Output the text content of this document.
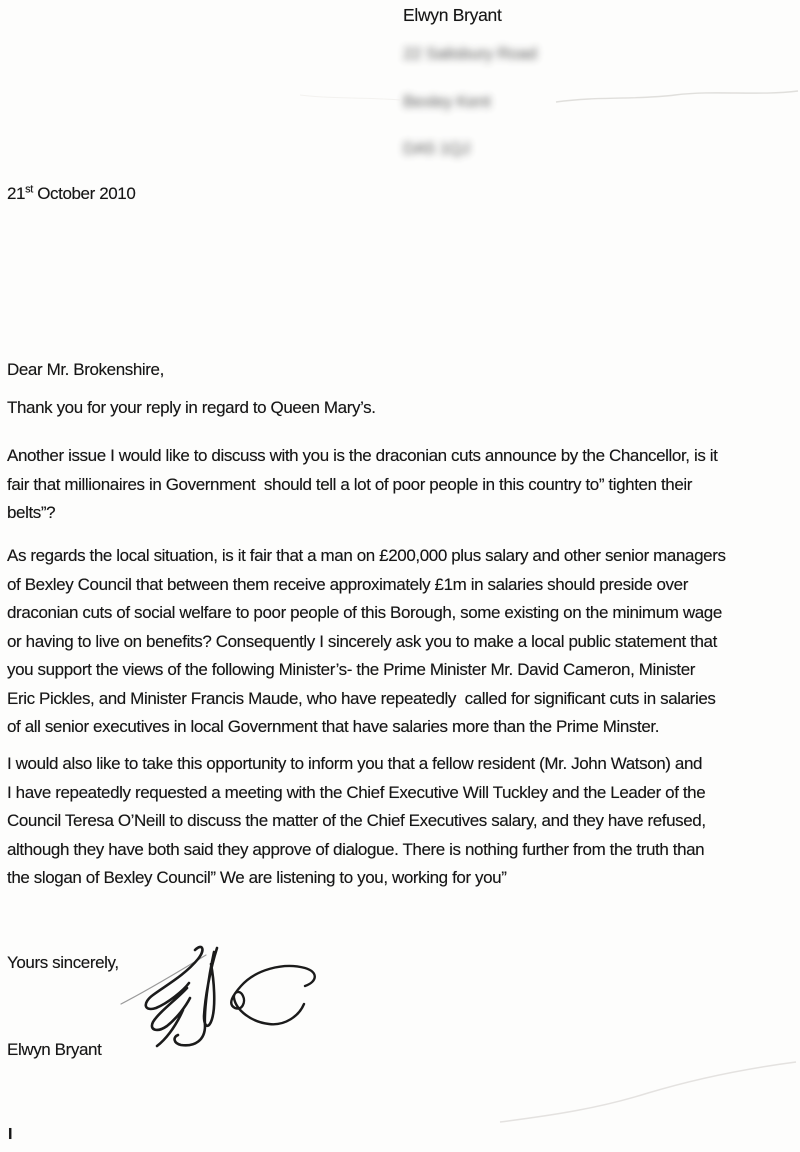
Elwyn Bryant
22 Salisbury Road
Bexley Kent
DA5 1QJ
21st October 2010
Dear Mr. Brokenshire,
Thank you for your reply in regard to Queen Mary’s.
Another issue I would like to discuss with you is the draconian cuts announce by the Chancellor, is it
fair that millionaires in Government  should tell a lot of poor people in this country to” tighten their
belts”?
As regards the local situation, is it fair that a man on £200,000 plus salary and other senior managers
of Bexley Council that between them receive approximately £1m in salaries should preside over
draconian cuts of social welfare to poor people of this Borough, some existing on the minimum wage
or having to live on benefits? Consequently I sincerely ask you to make a local public statement that
you support the views of the following Minister’s- the Prime Minister Mr. David Cameron, Minister
Eric Pickles, and Minister Francis Maude, who have repeatedly  called for significant cuts in salaries
of all senior executives in local Government that have salaries more than the Prime Minster.
I would also like to take this opportunity to inform you that a fellow resident (Mr. John Watson) and
I have repeatedly requested a meeting with the Chief Executive Will Tuckley and the Leader of the
Council Teresa O’Neill to discuss the matter of the Chief Executives salary, and they have refused,
although they have both said they approve of dialogue. There is nothing further from the truth than
the slogan of Bexley Council” We are listening to you, working for you”
Yours sincerely,
Elwyn Bryant
I
